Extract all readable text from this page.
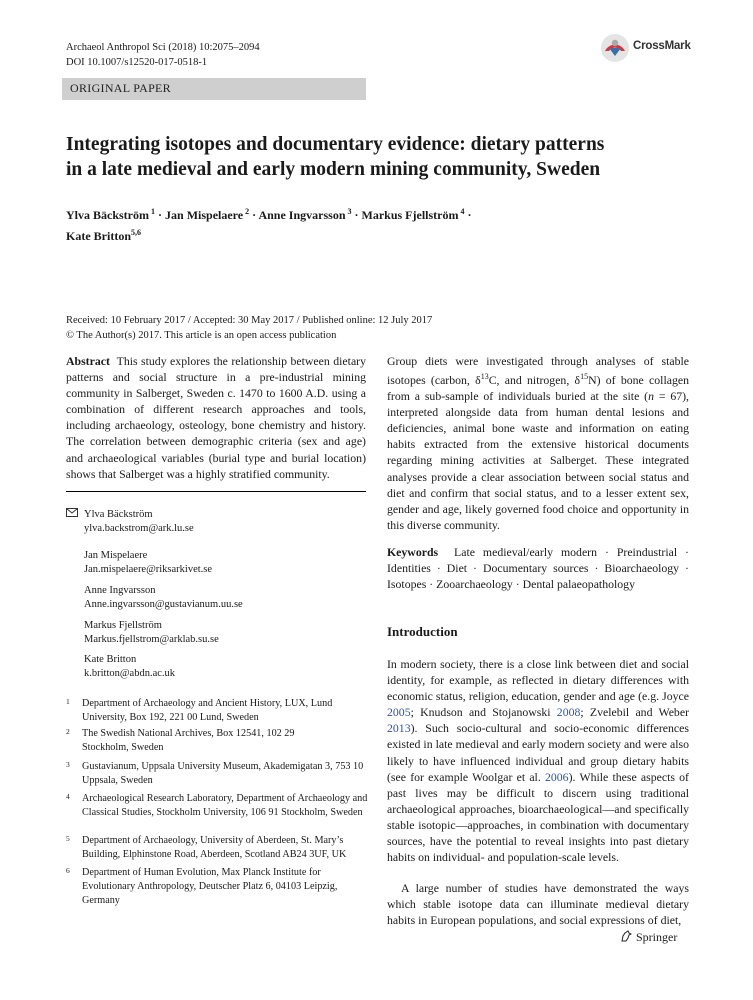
Archaeol Anthropol Sci (2018) 10:2075–2094
DOI 10.1007/s12520-017-0518-1
CrossMark
ORIGINAL PAPER
Integrating isotopes and documentary evidence: dietary patterns
in a late medieval and early modern mining community, Sweden
Ylva Bäckström $^1$ · Jan Mispelaere $^2$ · Anne Ingvarsson $^3$ · Markus Fjellström $^4$ ·
Kate Britton$^{5,6}$
Received: 10 February 2017 / Accepted: 30 May 2017 / Published online: 12 July 2017
© The Author(s) 2017. This article is an open access publication
Abstract This study explores the relationship between dietary patterns and social structure in a pre-industrial mining community in Salberget, Sweden c. 1470 to 1600 A.D. using a combination of different research approaches and tools, including archaeology, osteology, bone chemistry and history. The correlation between demographic criteria (sex and age) and archaeological variables (burial type and burial location) shows that Salberget was a highly stratified community.
Ylva Bäckström
ylva.backstrom@ark.lu.se
Jan Mispelaere
Jan.mispelaere@riksarkivet.se
Anne Ingvarsson
Anne.ingvarsson@gustavianum.uu.se
Markus Fjellström
Markus.fjellstrom@arklab.su.se
Kate Britton
k.britton@abdn.ac.uk
1 Department of Archaeology and Ancient History, LUX, Lund University, Box 192, 221 00 Lund, Sweden
2 The Swedish National Archives, Box 12541, 102 29 Stockholm, Sweden
3 Gustavianum, Uppsala University Museum, Akademigatan 3, 753 10 Uppsala, Sweden
4 Archaeological Research Laboratory, Department of Archaeology and Classical Studies, Stockholm University, 106 91 Stockholm, Sweden
5 Department of Archaeology, University of Aberdeen, St. Mary’s Building, Elphinstone Road, Aberdeen, Scotland AB24 3UF, UK
6 Department of Human Evolution, Max Planck Institute for Evolutionary Anthropology, Deutscher Platz 6, 04103 Leipzig, Germany
Group diets were investigated through analyses of stable isotopes (carbon, $\delta^{13}C$, and nitrogen, $\delta^{15}N$) of bone collagen from a sub-sample of individuals buried at the site (n = 67), interpreted alongside data from human dental lesions and deficiencies, animal bone waste and information on eating habits extracted from the extensive historical documents regarding mining activities at Salberget. These integrated analyses provide a clear association between social status and diet and confirm that social status, and to a lesser extent sex, gender and age, likely governed food choice and opportunity in this diverse community.
Keywords Late medieval/early modern · Preindustrial · Identities · Diet · Documentary sources · Bioarchaeology · Isotopes · Zooarchaeology · Dental palaeopathology
Introduction
In modern society, there is a close link between diet and social identity, for example, as reflected in dietary differences with economic status, religion, education, gender and age (e.g. Joyce 2005; Knudson and Stojanowski 2008; Zvelebil and Weber 2013). Such socio-cultural and socio-economic differences existed in late medieval and early modern society and were also likely to have influenced individual and group dietary habits (see for example Woolgar et al. 2006). While these aspects of past lives may be difficult to discern using traditional archaeological approaches, bioarchaeological—and specifically stable isotopic—approaches, in combination with documentary sources, have the potential to reveal insights into past dietary habits on individual- and population-scale levels.
A large number of studies have demonstrated the ways which stable isotope data can illuminate medieval dietary habits in European populations, and social expressions of diet,
Springer
